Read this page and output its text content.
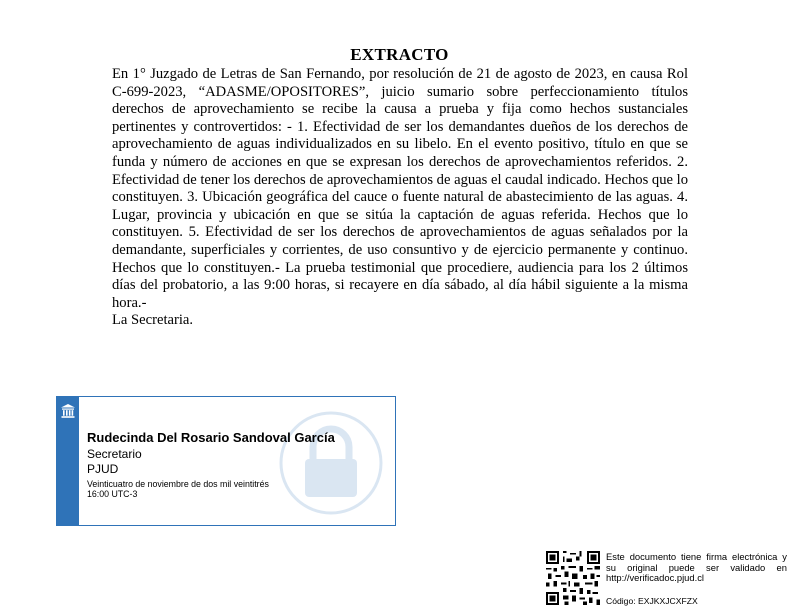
EXTRACTO

En 1° Juzgado de Letras de San Fernando, por resolución de 21 de agosto de 2023, en causa Rol C-699-2023, “ADASME/OPOSITORES”, juicio sumario sobre perfeccionamiento títulos derechos de aprovechamiento se recibe la causa a prueba y fija como hechos sustanciales pertinentes y controvertidos: - 1. Efectividad de ser los demandantes dueños de los derechos de aprovechamiento de aguas individualizados en su libelo. En el evento positivo, título en que se funda y número de acciones en que se expresan los derechos de aprovechamientos referidos. 2. Efectividad de tener los derechos de aprovechamientos de aguas el caudal indicado. Hechos que lo constituyen. 3. Ubicación geográfica del cauce o fuente natural de abastecimiento de las aguas. 4. Lugar, provincia y ubicación en que se sitúa la captación de aguas referida. Hechos que lo constituyen. 5. Efectividad de ser los derechos de aprovechamientos de aguas señalados por la demandante, superficiales y corrientes, de uso consuntivo y de ejercicio permanente y continuo. Hechos que lo constituyen.- La prueba testimonial que procediere, audiencia para los 2 últimos días del probatorio, a las 9:00 horas, si recayere en día sábado, al día hábil siguiente a la misma hora.-

La Secretaria.

Rudecinda Del Rosario Sandoval García
Secretario
PJUD
Veinticuatro de noviembre de dos mil veintitrés
16:00 UTC-3
Este documento tiene firma electrónica y su original puede ser validado en http://verificadoc.pjud.cl
Código: EXJKXJCXFZX
